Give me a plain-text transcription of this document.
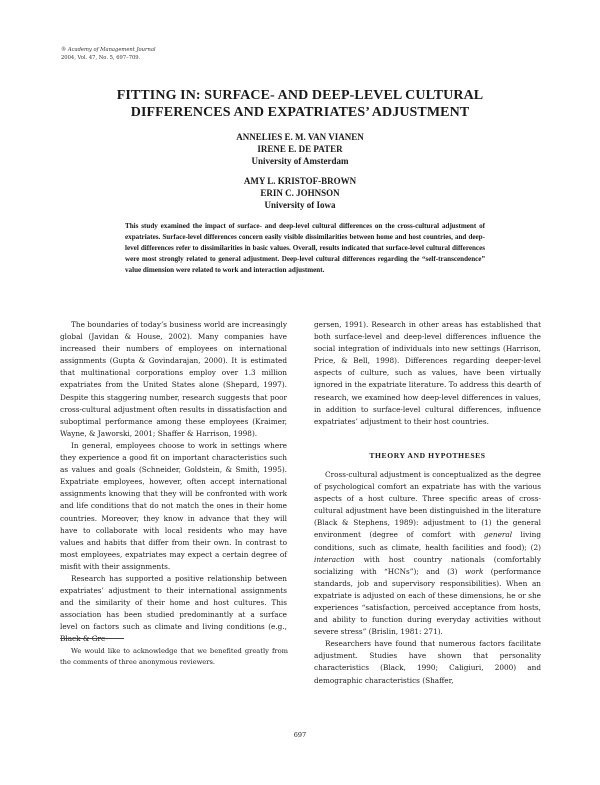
® Academy of Management Journal
2004, Vol. 47, No. 5, 697–709.
FITTING IN: SURFACE- AND DEEP-LEVEL CULTURAL
DIFFERENCES AND EXPATRIATES’ ADJUSTMENT
ANNELIES E. M. VAN VIANEN
IRENE E. DE PATER
University of Amsterdam
AMY L. KRISTOF-BROWN
ERIN C. JOHNSON
University of Iowa
This study examined the impact of surface- and deep-level cultural differences on the cross-cultural adjustment of expatriates. Surface-level differences concern easily visible dissimilarities between home and host countries, and deep-level differences refer to dissimilarities in basic values. Overall, results indicated that surface-level cultural differences were most strongly related to general adjustment. Deep-level cultural differences regarding the “self-transcendence” value dimension were related to work and interaction adjustment.

The boundaries of today’s business world are increasingly global (Javidan & House, 2002). Many companies have increased their numbers of employees on international assignments (Gupta & Govindarajan, 2000). It is estimated that multinational corporations employ over 1.3 million expatriates from the United States alone (Shepard, 1997). Despite this staggering number, research suggests that poor cross-cultural adjustment often results in dissatisfaction and suboptimal performance among these employees (Kraimer, Wayne, & Jaworski, 2001; Shaffer & Harrison, 1998).

In general, employees choose to work in settings where they experience a good fit on important characteristics such as values and goals (Schneider, Goldstein, & Smith, 1995). Expatriate employees, however, often accept international assignments knowing that they will be confronted with work and life conditions that do not match the ones in their home countries. Moreover, they know in advance that they will have to collaborate with local residents who may have values and habits that differ from their own. In contrast to most employees, expatriates may expect a certain degree of misfit with their assignments.

Research has supported a positive relationship between expatriates’ adjustment to their international assignments and the similarity of their home and host cultures. This association has been studied predominantly at a surface level on factors such as climate and living conditions (e.g., Black & Gre-

gersen, 1991). Research in other areas has established that both surface-level and deep-level differences influence the social integration of individuals into new settings (Harrison, Price, & Bell, 1998). Differences regarding deeper-level aspects of culture, such as values, have been virtually ignored in the expatriate literature. To address this dearth of research, we examined how deep-level differences in values, in addition to surface-level cultural differences, influence expatriates’ adjustment to their host countries.

THEORY AND HYPOTHESES

Cross-cultural adjustment is conceptualized as the degree of psychological comfort an expatriate has with the various aspects of a host culture. Three specific areas of cross-cultural adjustment have been distinguished in the literature (Black & Stephens, 1989): adjustment to (1) the general environment (degree of comfort with general living conditions, such as climate, health facilities and food); (2) interaction with host country nationals (comfortably socializing with “HCNs”); and (3) work (performance standards, job and supervisory responsibilities). When an expatriate is adjusted on each of these dimensions, he or she experiences “satisfaction, perceived acceptance from hosts, and ability to function during everyday activities without severe stress” (Brislin, 1981: 271).

Researchers have found that numerous factors facilitate adjustment. Studies have shown that personality characteristics (Black, 1990; Caligiuri, 2000) and demographic characteristics (Shaffer,

We would like to acknowledge that we benefited greatly from the comments of three anonymous reviewers.
697
